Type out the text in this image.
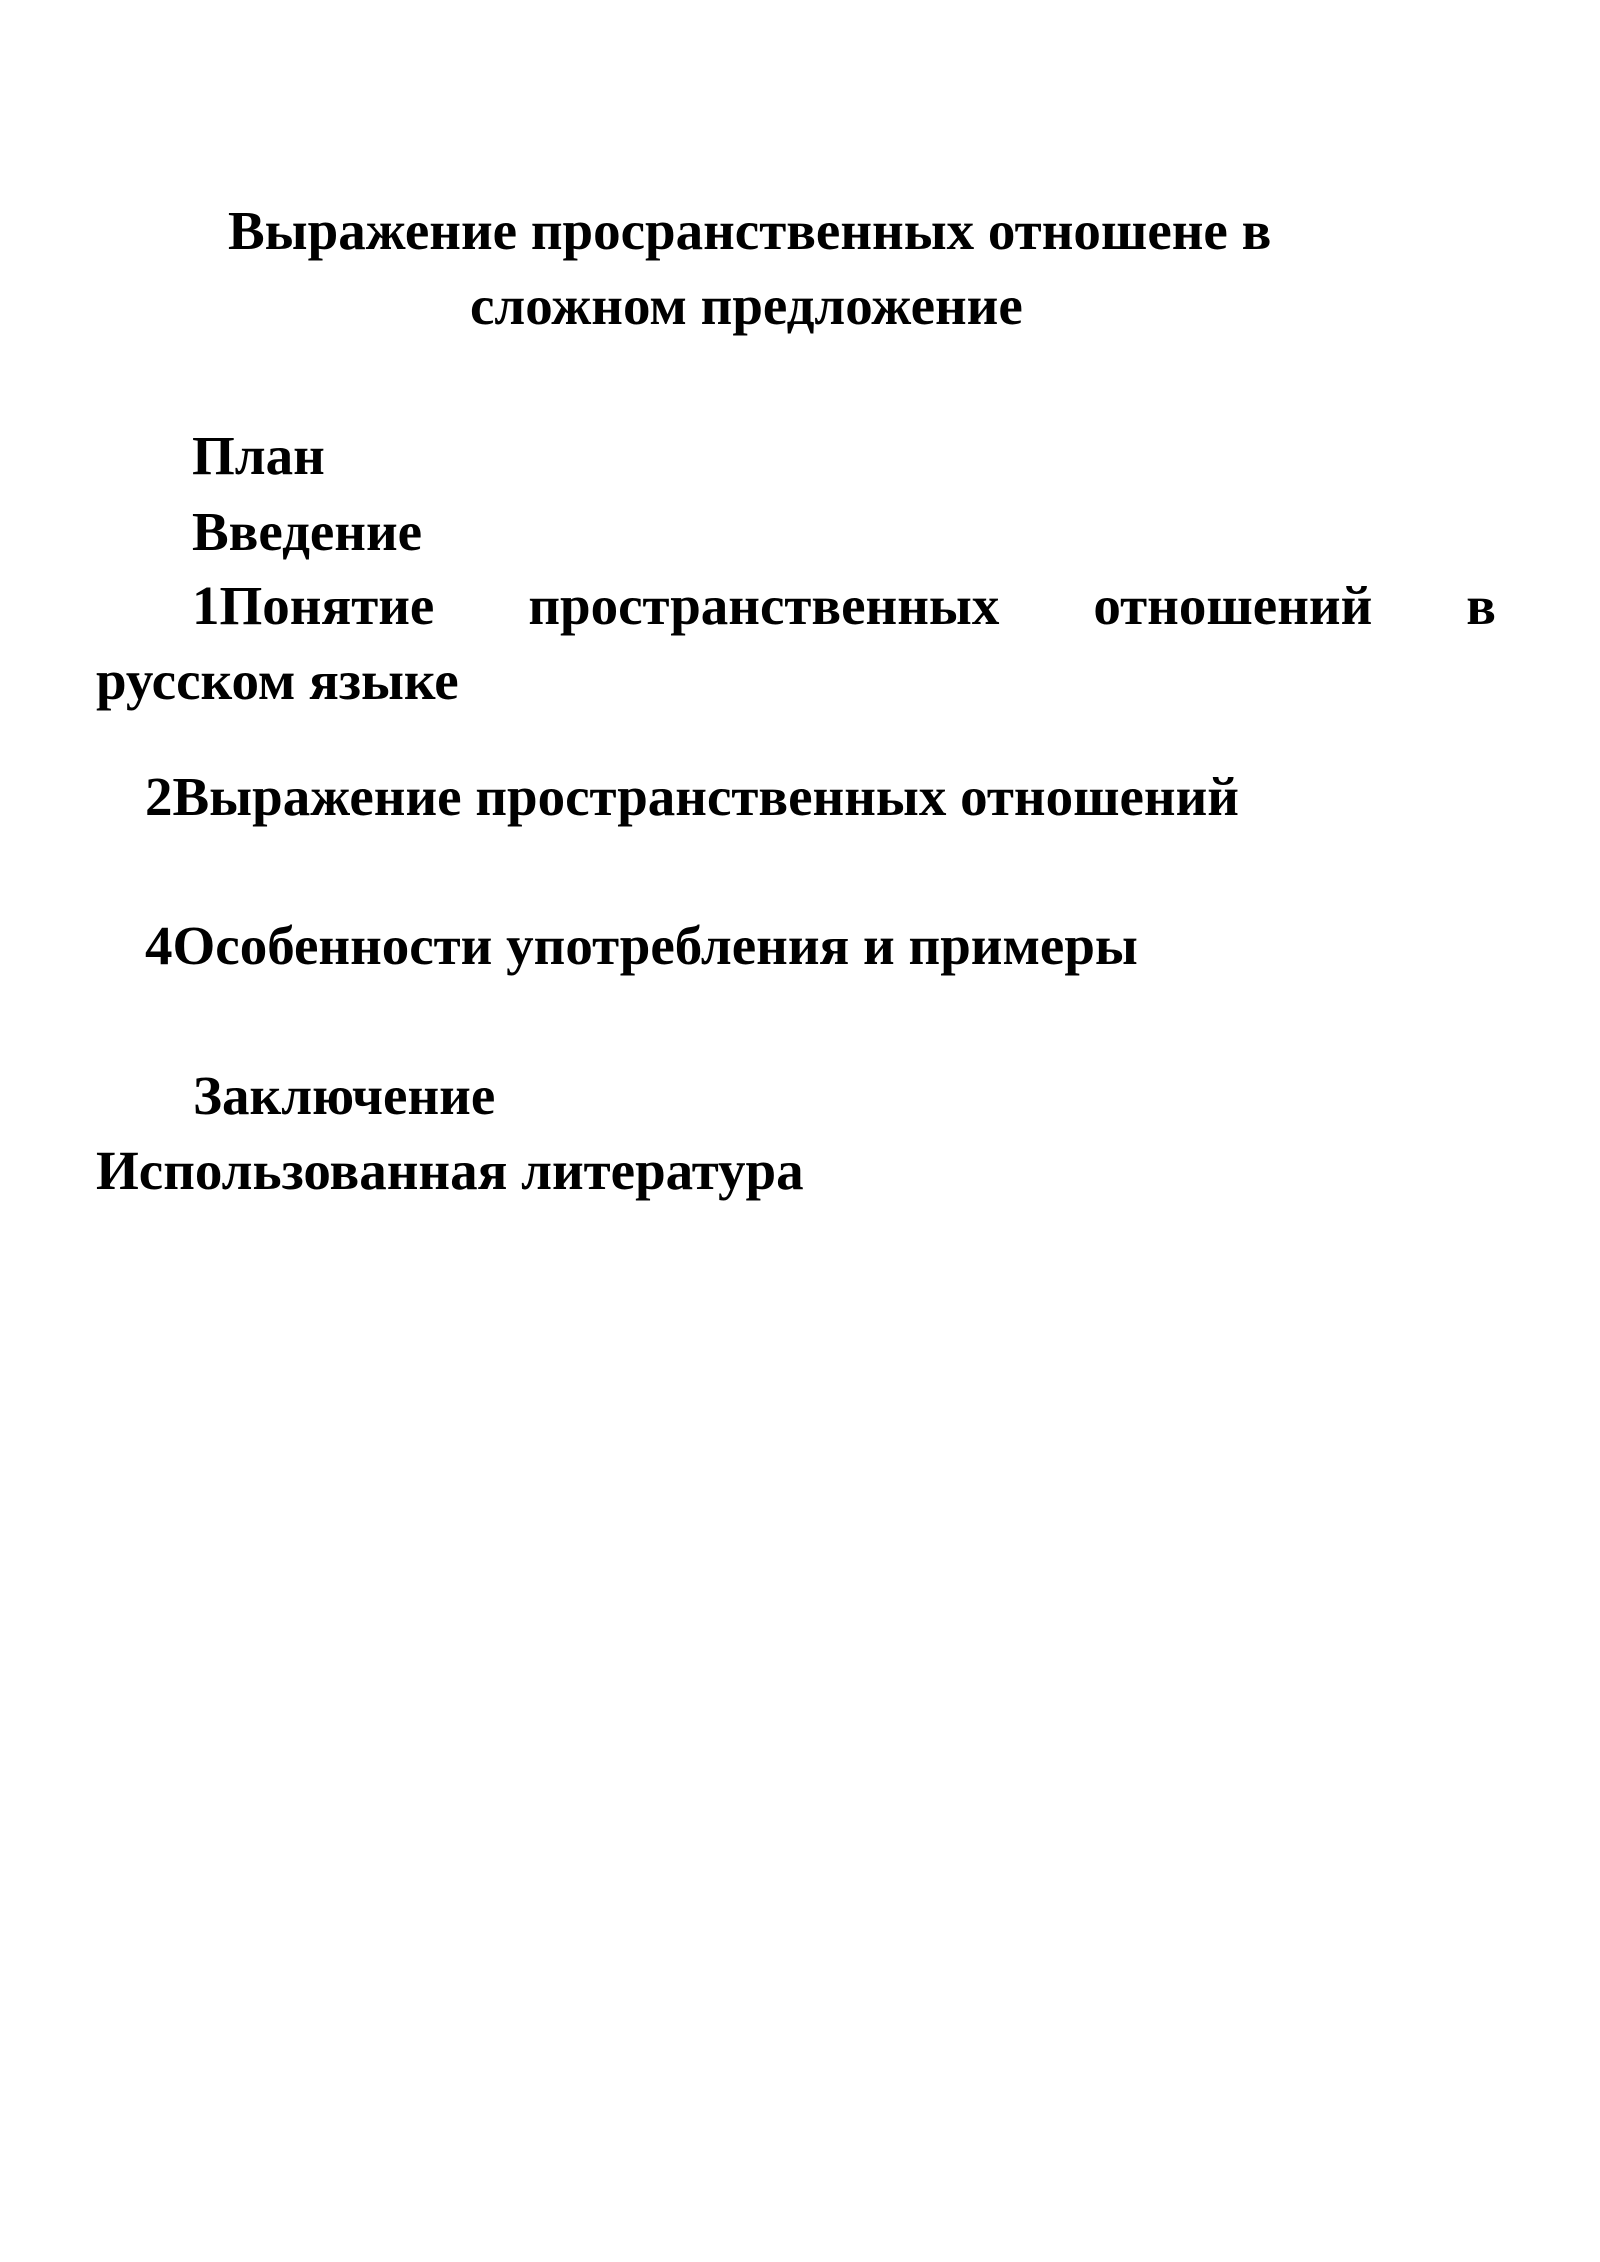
Выражение просранственных отношене в

сложном предложение

План

Введение

1Понятие пространственных отношений в

русском языке

2Выражение пространственных отношений

4Особенности употребления и примеры

Заключение

Использованная литература
